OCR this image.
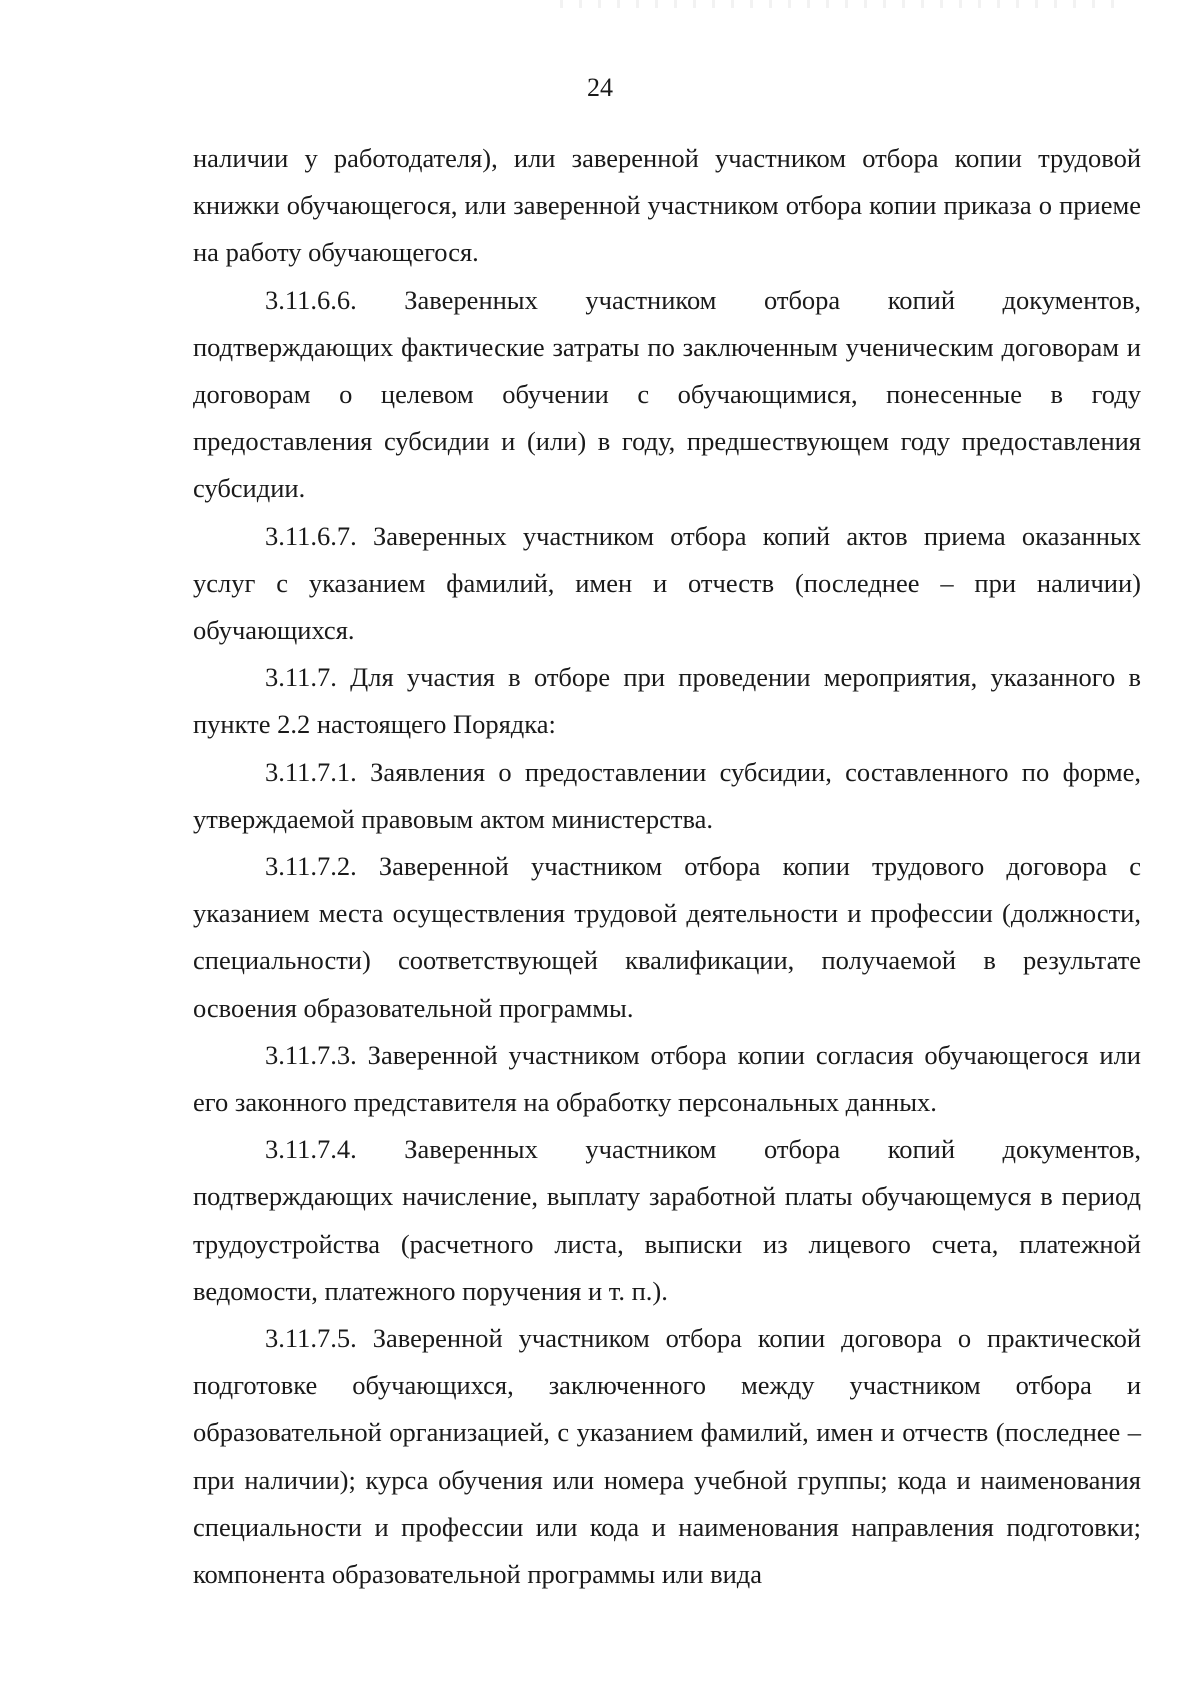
24

наличии у работодателя), или заверенной участником отбора копии трудовой книжки обучающегося, или заверенной участником отбора копии приказа о приеме на работу обучающегося.

3.11.6.6. Заверенных участником отбора копий документов, подтверждающих фактические затраты по заключенным ученическим договорам и договорам о целевом обучении с обучающимися, понесенные в году предоставления субсидии и (или) в году, предшествующем году предоставления субсидии.

3.11.6.7. Заверенных участником отбора копий актов приема оказанных услуг с указанием фамилий, имен и отчеств (последнее – при наличии) обучающихся.

3.11.7. Для участия в отборе при проведении мероприятия, указанного в пункте 2.2 настоящего Порядка:

3.11.7.1. Заявления о предоставлении субсидии, составленного по форме, утверждаемой правовым актом министерства.

3.11.7.2. Заверенной участником отбора копии трудового договора с указанием места осуществления трудовой деятельности и профессии (должности, специальности) соответствующей квалификации, получаемой в результате освоения образовательной программы.

3.11.7.3. Заверенной участником отбора копии согласия обучающегося или его законного представителя на обработку персональных данных.

3.11.7.4. Заверенных участником отбора копий документов, подтверждающих начисление, выплату заработной платы обучающемуся в период трудоустройства (расчетного листа, выписки из лицевого счета, платежной ведомости, платежного поручения и т. п.).

3.11.7.5. Заверенной участником отбора копии договора о практической подготовке обучающихся, заключенного между участником отбора и образовательной организацией, с указанием фамилий, имен и отчеств (последнее – при наличии); курса обучения или номера учебной группы; кода и наименования специальности и профессии или кода и наименования направления подготовки; компонента образовательной программы или вида
